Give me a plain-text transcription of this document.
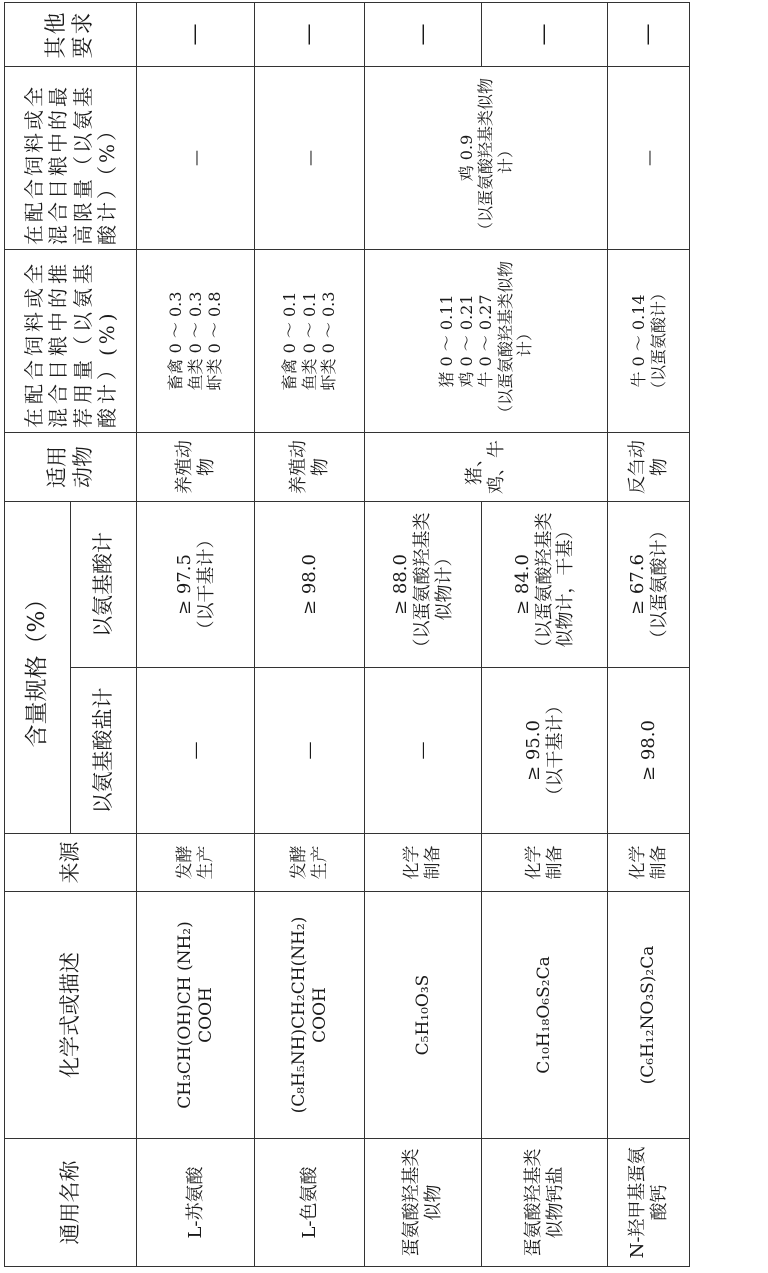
通用名称	化学式或描述	来源	含量规格（%）		适用动物	在配合饲料或全混合日粮中的推荐用量（以氨基酸计）(%)	在配合饲料或全混合日粮中的最高限量（以氨基酸计）（%）	其他要求
			以氨基酸盐计	以氨基酸计				
L-苏氨酸	CH₃CH(OH)CH (NH₂) COOH	发酵生产	—	≥ 97.5 （以干基计）	养殖动物	畜禽 0 ～ 0.3 鱼类 0 ～ 0.3 虾类 0 ～ 0.8	—	—
L-色氨酸	(C₈H₅NH)CH₂CH(NH₂) COOH	发酵生产	—	≥ 98.0	养殖动物	畜禽 0 ～ 0.1 鱼类 0 ～ 0.1 虾类 0 ～ 0.3	—	—
蛋氨酸羟基类似物	C₅H₁₀O₃S	化学制备	—	≥ 88.0 （以蛋氨酸羟基类似物计）	猪、鸡、牛	猪 0 ～ 0.11 鸡 0 ～ 0.21 牛 0 ～ 0.27 （以蛋氨酸羟基类似物计）	鸡 0.9 （以蛋氨酸羟基类似物计）	—
蛋氨酸羟基类似物钙盐	C₁₀H₁₈O₆S₂Ca	化学制备	≥ 95.0 （以干基计）	≥ 84.0 （以蛋氨酸羟基类似物计，干基）				—
N-羟甲基蛋氨酸钙	(C₆H₁₂NO₃S)₂Ca	化学制备	≥ 98.0	≥ 67.6 （以蛋氨酸计）	反刍动物	牛 0 ～ 0.14 （以蛋氨酸计）	—	—
